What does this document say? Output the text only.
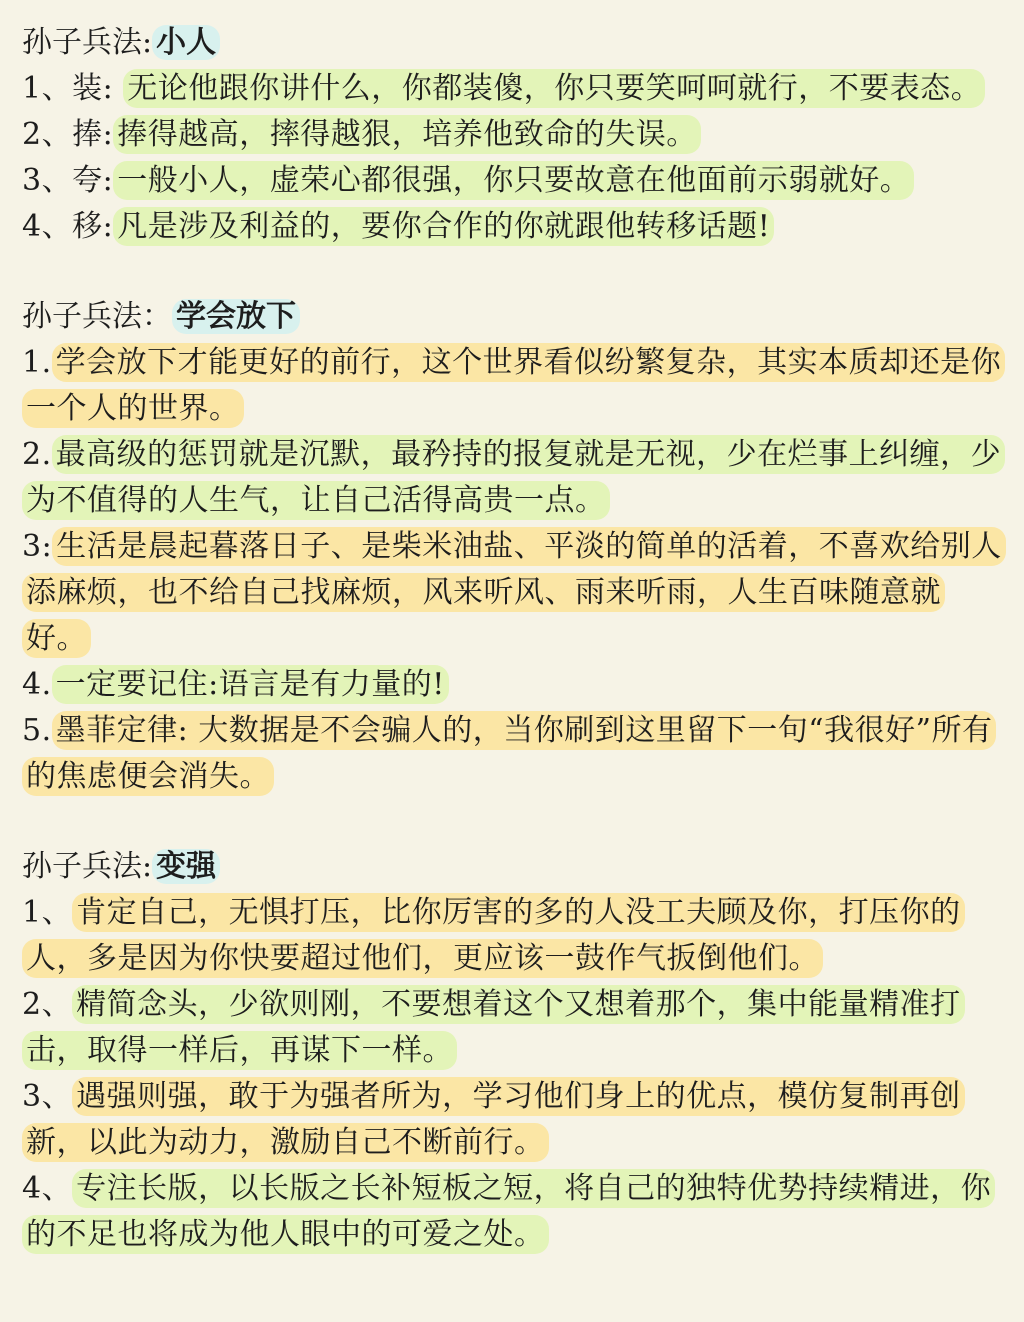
孙子兵法: 小人
1、装: 无论他跟你讲什么，你都装傻，你只要笑呵呵就行，不要表态。
2、捧: 捧得越高，摔得越狠，培养他致命的失误。
3、夸: 一般小人，虚荣心都很强，你只要故意在他面前示弱就好。
4、移: 凡是涉及利益的，要你合作的你就跟他转移话题!
孙子兵法： 学会放下
1. 学会放下才能更好的前行，这个世界看似纷繁复杂，其实本质却还是你一个人的世界。
2. 最高级的惩罚就是沉默，最矜持的报复就是无视，少在烂事上纠缠，少为不值得的人生气，让自己活得高贵一点。
3: 生活是晨起暮落日子、是柴米油盐、平淡的简单的活着，不喜欢给别人添麻烦，也不给自己找麻烦，风来听风、雨来听雨，人生百味随意就好。
4. 一定要记住:语言是有力量的!
5. 墨菲定律: 大数据是不会骗人的，当你刷到这里留下一句“我很好”所有的焦虑便会消失。
孙子兵法: 变强
1、 肯定自己，无惧打压，比你厉害的多的人没工夫顾及你，打压你的人，多是因为你快要超过他们，更应该一鼓作气扳倒他们。
2、 精简念头，少欲则刚，不要想着这个又想着那个，集中能量精准打击，取得一样后，再谋下一样。
3、 遇强则强，敢于为强者所为，学习他们身上的优点，模仿复制再创新，以此为动力，激励自己不断前行。
4、 专注长版，以长版之长补短板之短，将自己的独特优势持续精进，你的不足也将成为他人眼中的可爱之处。
